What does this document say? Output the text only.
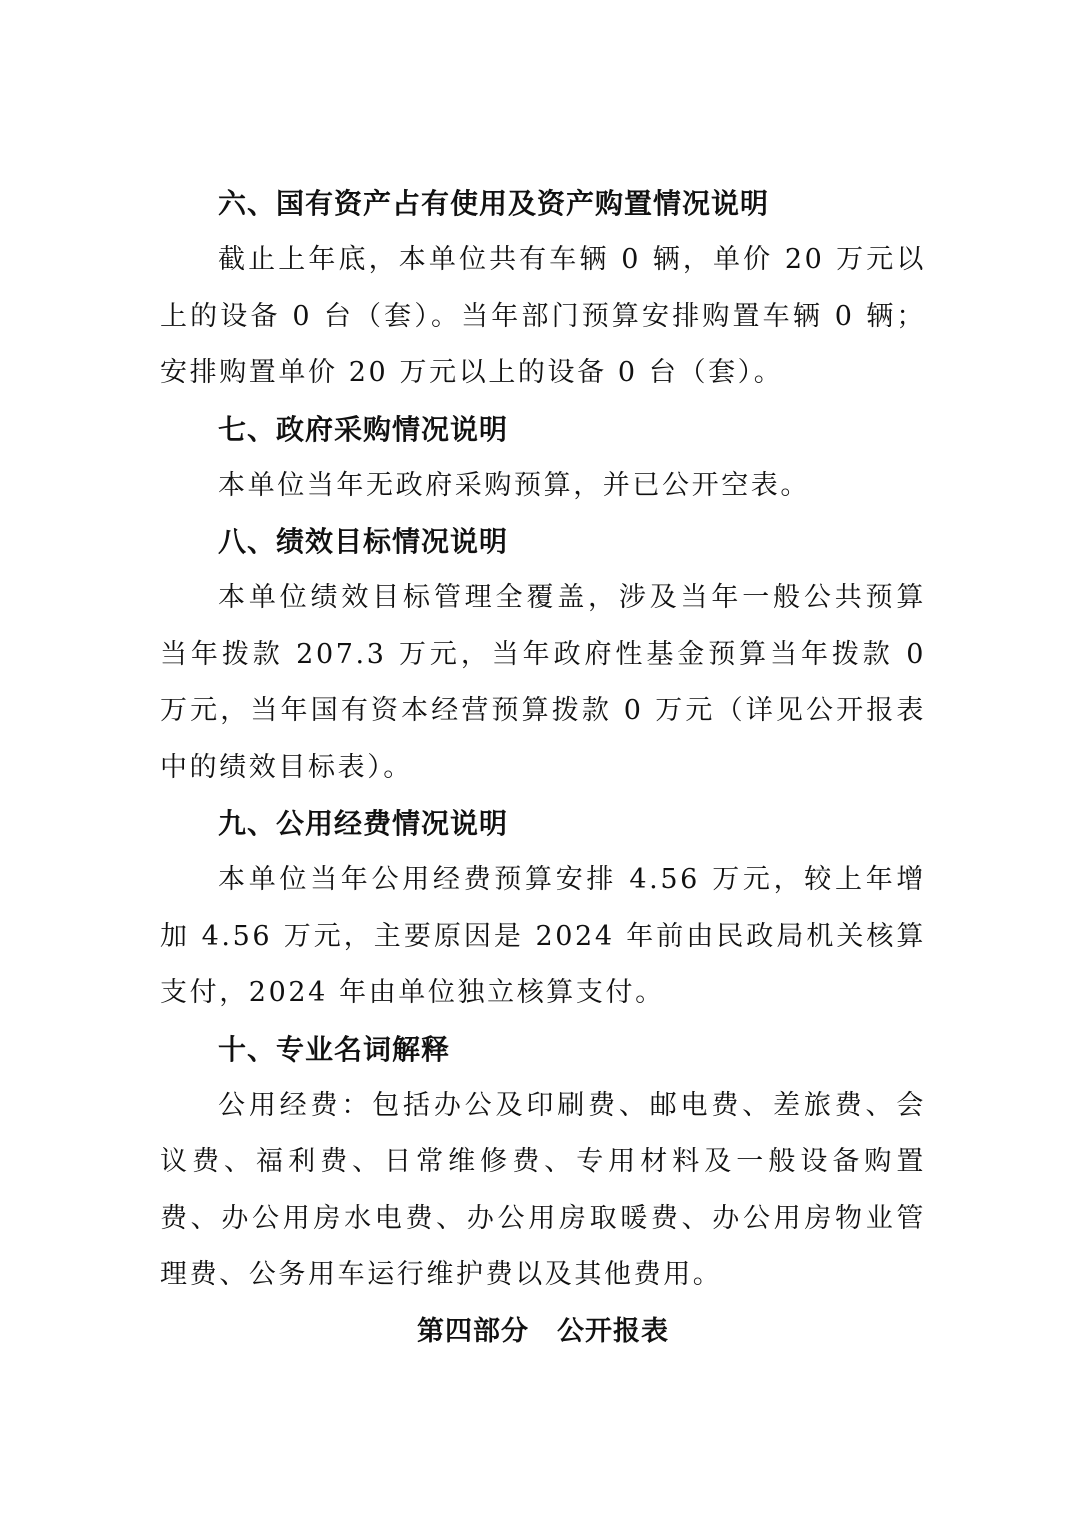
六、国有资产占有使用及资产购置情况说明

截止上年底，本单位共有车辆 0 辆，单价 20 万元以上的设备 0 台（套）。当年部门预算安排购置车辆 0 辆；安排购置单价 20 万元以上的设备 0 台（套）。

七、政府采购情况说明

本单位当年无政府采购预算，并已公开空表。

八、绩效目标情况说明

本单位绩效目标管理全覆盖，涉及当年一般公共预算当年拨款 207.3 万元，当年政府性基金预算当年拨款 0 万元，当年国有资本经营预算拨款 0 万元（详见公开报表中的绩效目标表）。

九、公用经费情况说明

本单位当年公用经费预算安排 4.56 万元，较上年增加 4.56 万元，主要原因是 2024 年前由民政局机关核算支付，2024 年由单位独立核算支付。

十、专业名词解释

公用经费：包括办公及印刷费、邮电费、差旅费、会议费、福利费、日常维修费、专用材料及一般设备购置费、办公用房水电费、办公用房取暖费、办公用房物业管理费、公务用车运行维护费以及其他费用。

第四部分　公开报表
